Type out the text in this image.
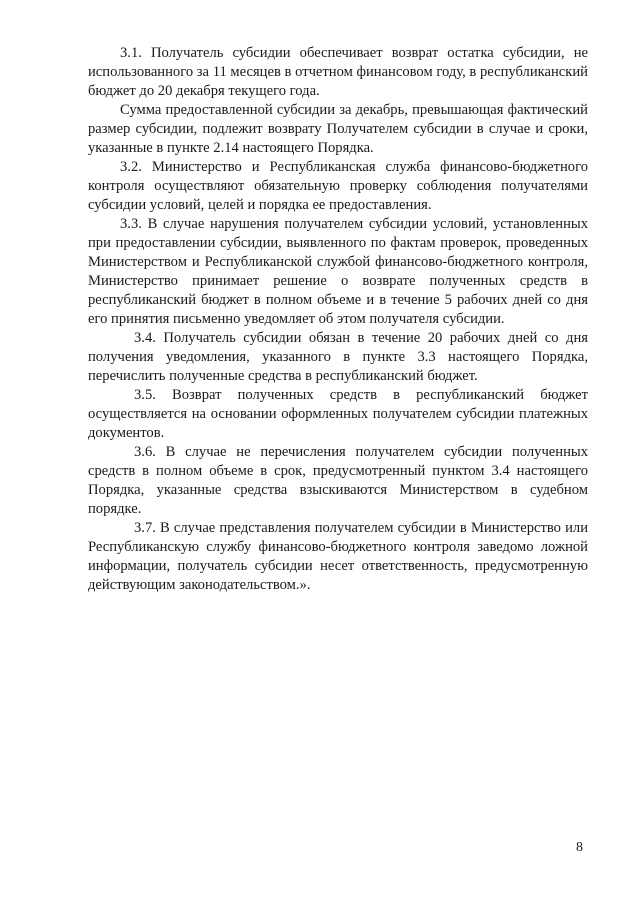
3.1. Получатель субсидии обеспечивает возврат остатка субсидии, не использованного за 11 месяцев в отчетном финансовом году, в республиканский бюджет до 20 декабря текущего года.

Сумма предоставленной субсидии за декабрь, превышающая фактический размер субсидии, подлежит возврату Получателем субсидии в случае и сроки, указанные в пункте 2.14 настоящего Порядка.

3.2. Министерство и Республиканская служба финансово-бюджетного контроля осуществляют обязательную проверку соблюдения получателями субсидии условий, целей и порядка ее предоставления.

3.3. В случае нарушения получателем субсидии условий, установленных при предоставлении субсидии, выявленного по фактам проверок, проведенных Министерством и Республиканской службой финансово-бюджетного контроля, Министерство принимает решение о возврате полученных средств в республиканский бюджет в полном объеме и в течение 5 рабочих дней со дня его принятия письменно уведомляет об этом получателя субсидии.

3.4. Получатель субсидии обязан в течение 20 рабочих дней со дня получения уведомления, указанного в пункте 3.3 настоящего Порядка, перечислить полученные средства в республиканский бюджет.

3.5. Возврат полученных средств в республиканский бюджет осуществляется на основании оформленных получателем субсидии платежных документов.

3.6. В случае не перечисления получателем субсидии полученных средств в полном объеме в срок, предусмотренный пунктом 3.4 настоящего Порядка, указанные средства взыскиваются Министерством в судебном порядке.

3.7. В случае представления получателем субсидии в Министерство или Республиканскую службу финансово-бюджетного контроля заведомо ложной информации, получатель субсидии несет ответственность, предусмотренную действующим законодательством.».

8
